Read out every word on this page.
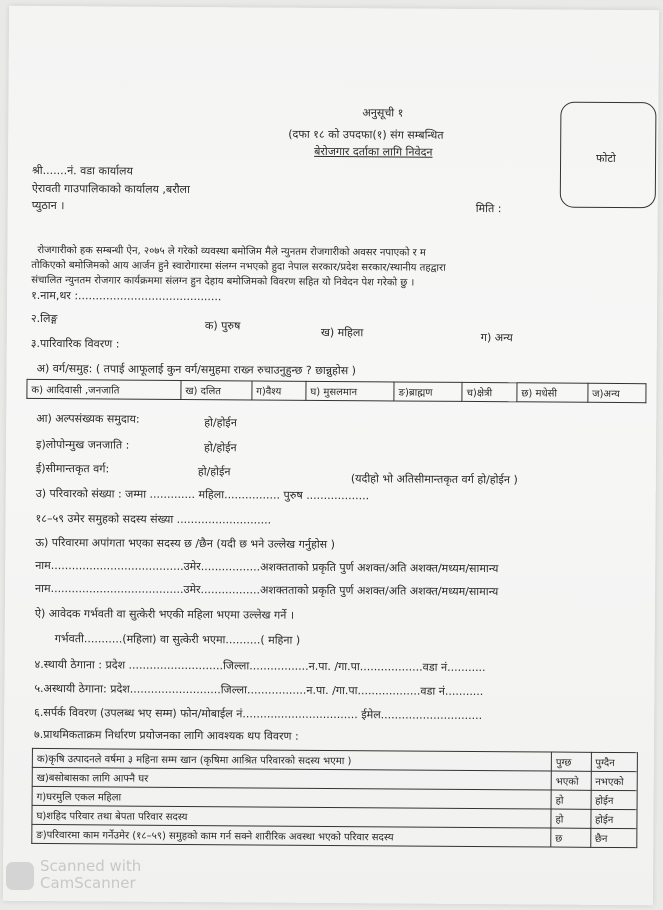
अनुसूची १
(दफा १८ को उपदफा(१) संग सम्बन्धित
बेरोजगार दर्ताका लागि निवेदन	फोटो
श्री.......नं. वडा कार्यालय
ऐरावती गाउपालिकाको कार्यालय ,बरौला
प्युठान ।	मिति :
रोजगारीको हक सम्बन्धी ऐन, २०७५ ले गरेको व्यवस्था बमोजिम मैले न्युनतम रोजगारीको अवसर नपाएको र म
तोकिएको बमोजिमको आय आर्जन हुने स्वारोगारमा संलग्न नभएको हुदा नेपाल सरकार/प्रदेश सरकार/स्थानीय तहद्वारा
संचालित न्युनतम रोजगार कार्यक्रममा संलग्न हुन देहाय बमोजिमको विवरण सहित यो निवेदन पेश गरेको छु ।
१.नाम,थर :.........................................
२.लिङ्ग
क) पुरुष
ख) महिला	ग) अन्य
३.पारिवारिक विवरण :
अ) वर्ग/समुह: ( तपाई आफूलाई कुन वर्ग/समुहमा राख्न रुचाउनुहुन्छ ? छान्नुहोस )
क) आदिवासी ,जनजाति	ख) दलित	ग)वैश्य	घ) मुसलमान	ङ)ब्राह्मण	च)क्षेत्री	छ) मधेसी	ज)अन्य
आ) अल्पसंख्यक समुदाय:	हो/होईन
इ)लोपोन्मुख जनजाति :	हो/होईन
ई)सीमान्तकृत वर्ग:	हो/होईन
(यदीहो भो अतिसीमान्तकृत वर्ग हो/होईन )
उ) परिवारको संख्या : जम्मा ............. महिला................ पुरुष ..................
१८–५९ उमेर समुहको सदस्य संख्या ...........................
ऊ) परिवारमा अपांगता भएका सदस्य छ /छैन (यदी छ भने उल्लेख गर्नुहोस )
नाम......................................उमेर.................अशक्तताको प्रकृति पुर्ण अशक्त/अति अशक्त/मध्यम/सामान्य
नाम......................................उमेर.................अशक्तताको प्रकृति पुर्ण अशक्त/अति अशक्त/मध्यम/सामान्य
ऐ) आवेदक गर्भवती वा सुत्केरी भएकी महिला भएमा उल्लेख गर्ने ।
गर्भवती...........(महिला) वा सुत्केरी भएमा..........( महिना )
४.स्थायी ठेगाना : प्रदेश ...........................जिल्ला.................न.पा. /गा.पा..................वडा नं...........
५.अस्थायी ठेगाना: प्रदेश..........................जिल्ला.................न.पा. /गा.पा..................वडा नं...........
६.सर्पर्क विवरण (उपलब्ध भए सम्म) फोन/मोबाईल नं................................. ईमेल.............................
७.प्राथमिकताक्रम निर्धारण प्रयोजनका लागि आवश्यक थप विवरण :
क)कृषि उत्पादनले वर्षमा ३ महिना सम्म खान (कृषिमा आश्रित परिवारको सदस्य भएमा )	पुग्छ	पुग्दैन
ख)बसोबासका लागि आफ्नै घर	भएको	नभएको
ग)घरमुलि एकल महिला	हो	होईन
घ)शहिद परिवार तथा बेपता परिवार सदस्य	हो	होईन
ङ)परिवारमा काम गर्नेउमेर (१८–५९) समुहको काम गर्न सक्ने शारीरिक अवस्था भएको परिवार सदस्य	छ	छैन
Scanned with
CamScanner
